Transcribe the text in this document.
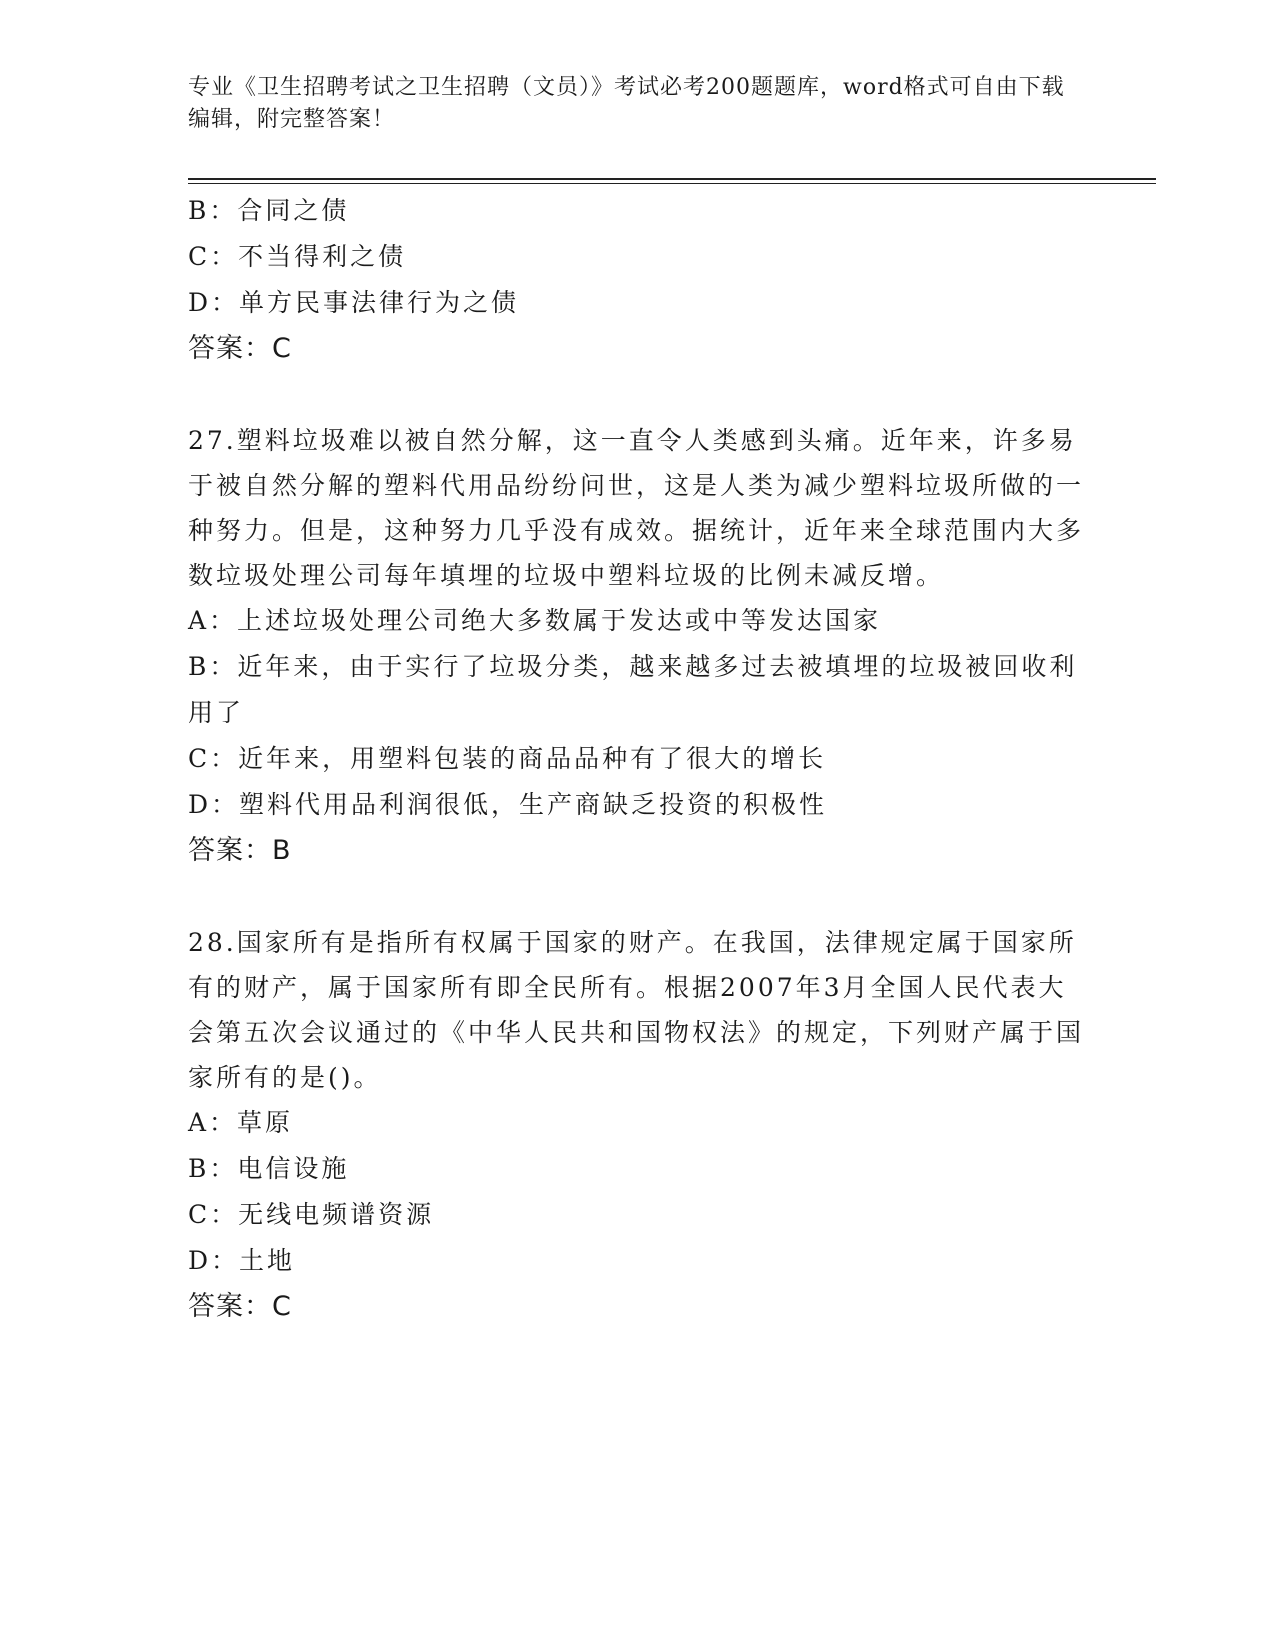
专业《卫生招聘考试之卫生招聘（文员）》考试必考200题题库，word格式可自由下载编辑，附完整答案！

B：合同之债

C：不当得利之债

D：单方民事法律行为之债

答案：C

27.塑料垃圾难以被自然分解，这一直令人类感到头痛。近年来，许多易于被自然分解的塑料代用品纷纷问世，这是人类为减少塑料垃圾所做的一种努力。但是，这种努力几乎没有成效。据统计，近年来全球范围内大多数垃圾处理公司每年填埋的垃圾中塑料垃圾的比例未减反增。

A：上述垃圾处理公司绝大多数属于发达或中等发达国家

B：近年来，由于实行了垃圾分类，越来越多过去被填埋的垃圾被回收利用了

C：近年来，用塑料包装的商品品种有了很大的增长

D：塑料代用品利润很低，生产商缺乏投资的积极性

答案：B

28.国家所有是指所有权属于国家的财产。在我国，法律规定属于国家所有的财产，属于国家所有即全民所有。根据2007年3月全国人民代表大会第五次会议通过的《中华人民共和国物权法》的规定，下列财产属于国家所有的是()。

A：草原

B：电信设施

C：无线电频谱资源

D：土地

答案：C
